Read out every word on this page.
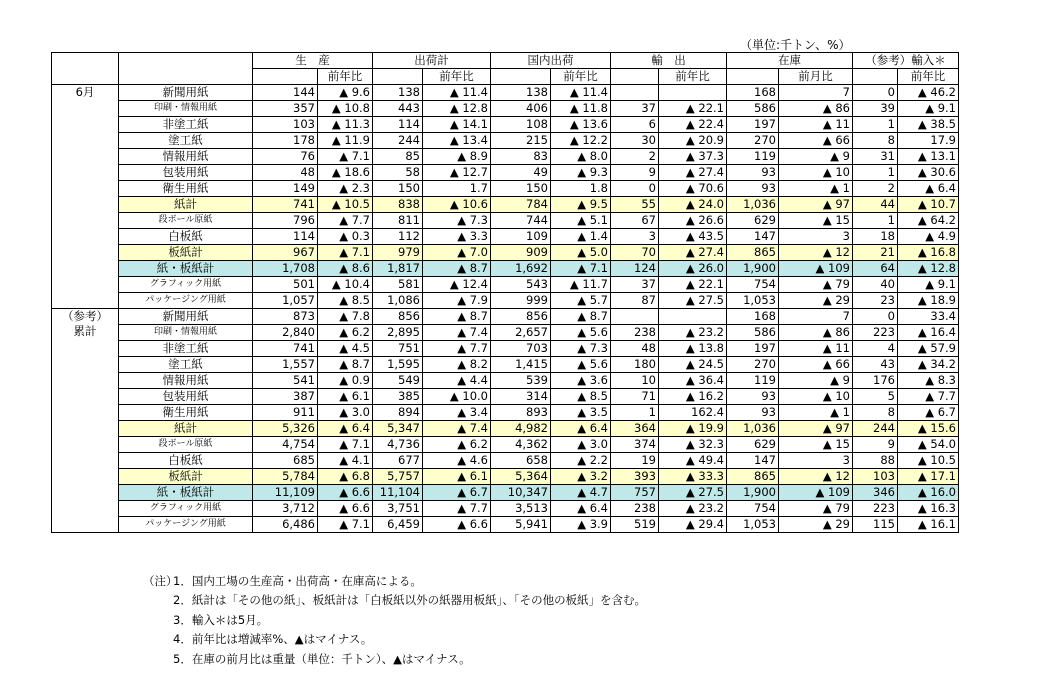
（単位:千トン、%）
		生　産		出荷計		国内出荷		輸　出		在庫		（参考）輸入＊	
			前年比		前年比		前年比		前年比		前月比		前年比
6月	新聞用紙	144	▲ 9.6	138	▲ 11.4	138	▲ 11.4			168	7	0	▲ 46.2
	印刷・情報用紙	357	▲ 10.8	443	▲ 12.8	406	▲ 11.8	37	▲ 22.1	586	▲ 86	39	▲ 9.1
	非塗工紙	103	▲ 11.3	114	▲ 14.1	108	▲ 13.6	6	▲ 22.4	197	▲ 11	1	▲ 38.5
	塗工紙	178	▲ 11.9	244	▲ 13.4	215	▲ 12.2	30	▲ 20.9	270	▲ 66	8	17.9
	情報用紙	76	▲ 7.1	85	▲ 8.9	83	▲ 8.0	2	▲ 37.3	119	▲ 9	31	▲ 13.1
	包装用紙	48	▲ 18.6	58	▲ 12.7	49	▲ 9.3	9	▲ 27.4	93	▲ 10	1	▲ 30.6
	衛生用紙	149	▲ 2.3	150	1.7	150	1.8	0	▲ 70.6	93	▲ 1	2	▲ 6.4
	紙計	741	▲ 10.5	838	▲ 10.6	784	▲ 9.5	55	▲ 24.0	1,036	▲ 97	44	▲ 10.7
	段ボール原紙	796	▲ 7.7	811	▲ 7.3	744	▲ 5.1	67	▲ 26.6	629	▲ 15	1	▲ 64.2
	白板紙	114	▲ 0.3	112	▲ 3.3	109	▲ 1.4	3	▲ 43.5	147	3	18	▲ 4.9
	板紙計	967	▲ 7.1	979	▲ 7.0	909	▲ 5.0	70	▲ 27.4	865	▲ 12	21	▲ 16.8
	紙・板紙計	1,708	▲ 8.6	1,817	▲ 8.7	1,692	▲ 7.1	124	▲ 26.0	1,900	▲ 109	64	▲ 12.8
	グラフィック用紙	501	▲ 10.4	581	▲ 12.4	543	▲ 11.7	37	▲ 22.1	754	▲ 79	40	▲ 9.1
	パッケージング用紙	1,057	▲ 8.5	1,086	▲ 7.9	999	▲ 5.7	87	▲ 27.5	1,053	▲ 29	23	▲ 18.9
（参考）
累計	新聞用紙	873	▲ 7.8	856	▲ 8.7	856	▲ 8.7			168	7	0	33.4
	印刷・情報用紙	2,840	▲ 6.2	2,895	▲ 7.4	2,657	▲ 5.6	238	▲ 23.2	586	▲ 86	223	▲ 16.4
	非塗工紙	741	▲ 4.5	751	▲ 7.7	703	▲ 7.3	48	▲ 13.8	197	▲ 11	4	▲ 57.9
	塗工紙	1,557	▲ 8.7	1,595	▲ 8.2	1,415	▲ 5.6	180	▲ 24.5	270	▲ 66	43	▲ 34.2
	情報用紙	541	▲ 0.9	549	▲ 4.4	539	▲ 3.6	10	▲ 36.4	119	▲ 9	176	▲ 8.3
	包装用紙	387	▲ 6.1	385	▲ 10.0	314	▲ 8.5	71	▲ 16.2	93	▲ 10	5	▲ 7.7
	衛生用紙	911	▲ 3.0	894	▲ 3.4	893	▲ 3.5	1	162.4	93	▲ 1	8	▲ 6.7
	紙計	5,326	▲ 6.4	5,347	▲ 7.4	4,982	▲ 6.4	364	▲ 19.9	1,036	▲ 97	244	▲ 15.6
	段ボール原紙	4,754	▲ 7.1	4,736	▲ 6.2	4,362	▲ 3.0	374	▲ 32.3	629	▲ 15	9	▲ 54.0
	白板紙	685	▲ 4.1	677	▲ 4.6	658	▲ 2.2	19	▲ 49.4	147	3	88	▲ 10.5
	板紙計	5,784	▲ 6.8	5,757	▲ 6.1	5,364	▲ 3.2	393	▲ 33.3	865	▲ 12	103	▲ 17.1
	紙・板紙計	11,109	▲ 6.6	11,104	▲ 6.7	10,347	▲ 4.7	757	▲ 27.5	1,900	▲ 109	346	▲ 16.0
	グラフィック用紙	3,712	▲ 6.6	3,751	▲ 7.7	3,513	▲ 6.4	238	▲ 23.2	754	▲ 79	223	▲ 16.3
	パッケージング用紙	6,486	▲ 7.1	6,459	▲ 6.6	5,941	▲ 3.9	519	▲ 29.4	1,053	▲ 29	115	▲ 16.1
（注）1．国内工場の生産高・出荷高・在庫高による。
2．紙計は「その他の紙」、板紙計は「白板紙以外の紙器用板紙」、「その他の板紙」を含む。
3．輸入＊は5月。
4．前年比は増減率%、▲はマイナス。
5．在庫の前月比は重量（単位：千トン）、▲はマイナス。
